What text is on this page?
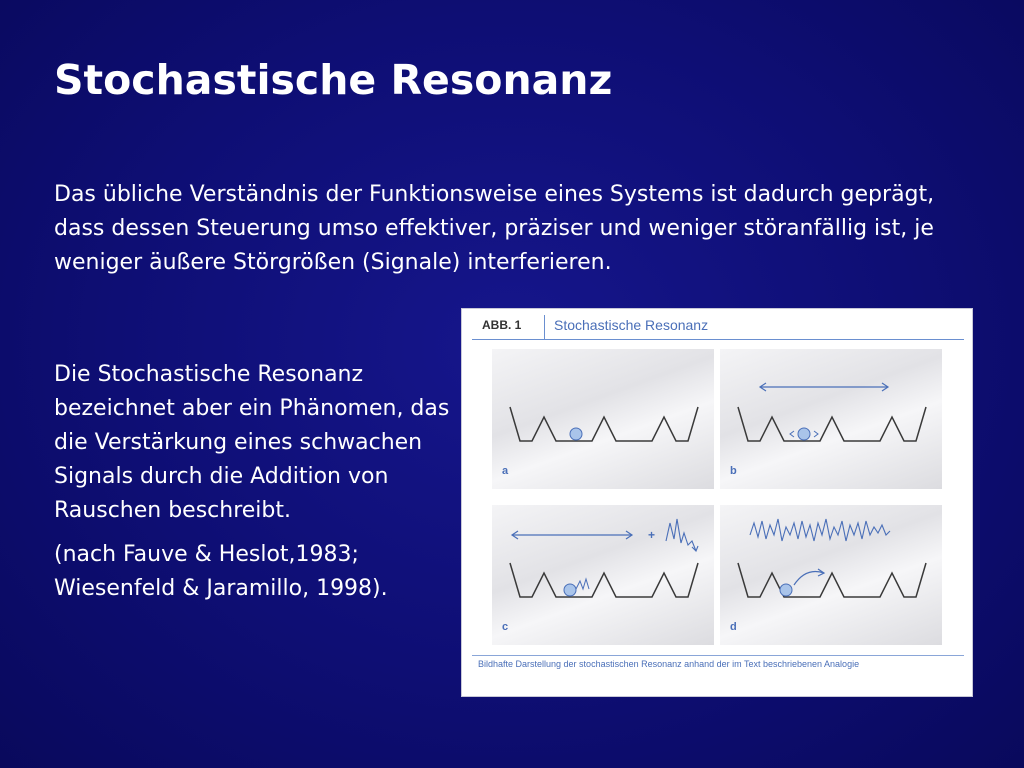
Stochastische Resonanz

Das übliche Verständnis der Funktionsweise eines Systems ist dadurch geprägt, dass dessen Steuerung umso effektiver, präziser und weniger störanfällig ist, je weniger äußere Störgrößen (Signale) interferieren.

Die Stochastische Resonanz bezeichnet aber ein Phänomen, das die Verstärkung eines schwachen Signals durch die Addition von Rauschen beschreibt.

(nach Fauve & Heslot,1983; Wiesenfeld & Jaramillo, 1998).

ABB. 1 Stochastische Resonanz
a	b
+
c	d
Bildhafte Darstellung der stochastischen Resonanz anhand der im Text beschriebenen Analogie
